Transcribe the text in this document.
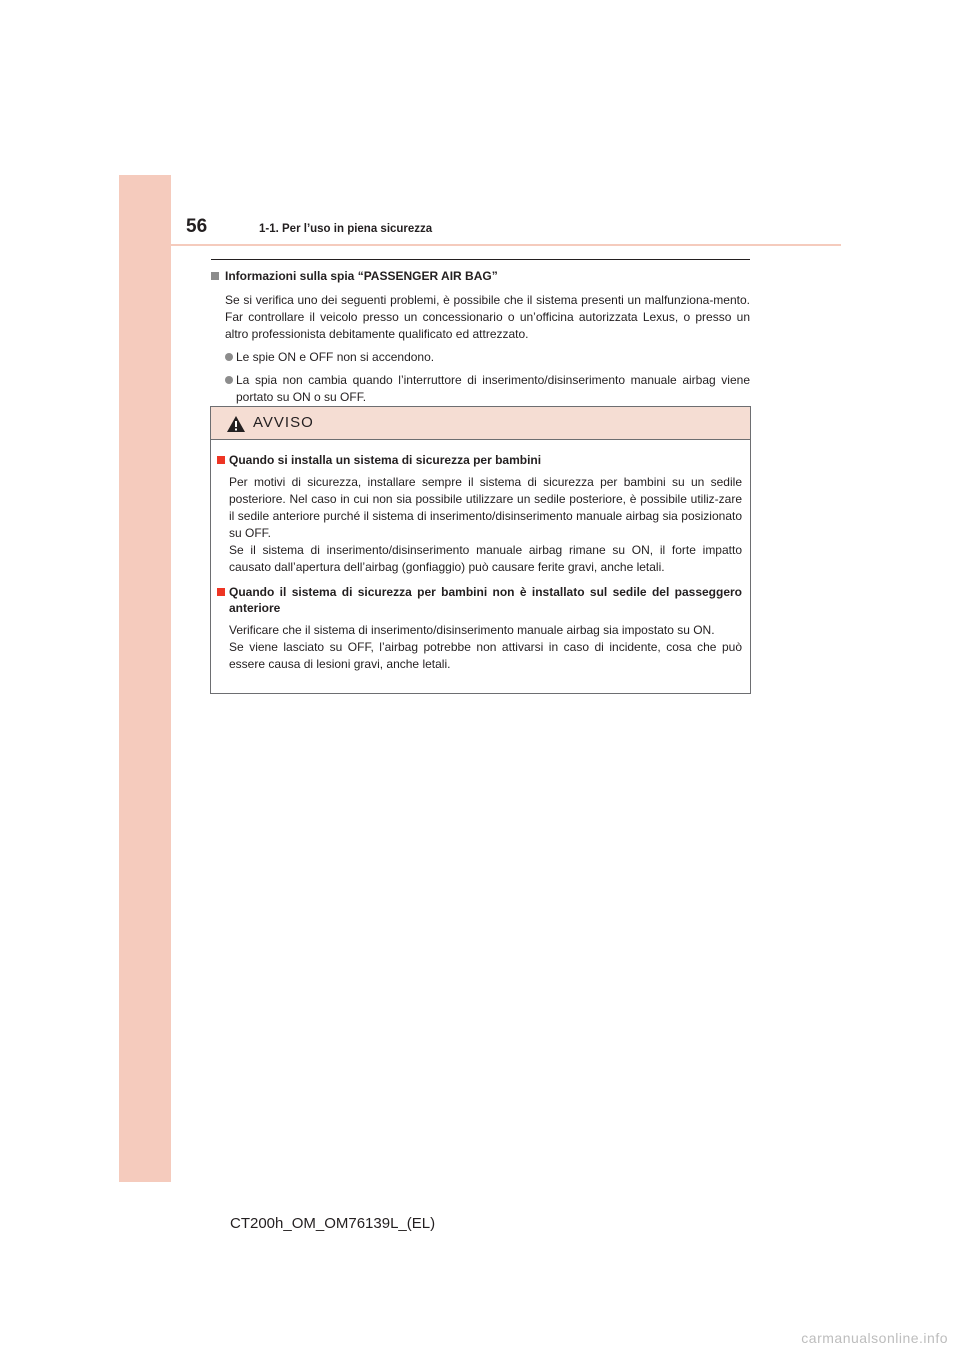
56	1-1. Per l’uso in piena sicurezza
Informazioni sulla spia “PASSENGER AIR BAG”
Se si verifica uno dei seguenti problemi, è possibile che il sistema presenti un malfunziona-mento. Far controllare il veicolo presso un concessionario o un’officina autorizzata Lexus, o presso un altro professionista debitamente qualificato ed attrezzato.
Le spie ON e OFF non si accendono.
La spia non cambia quando l’interruttore di inserimento/disinserimento manuale airbag viene portato su ON o su OFF.
AVVISO
Quando si installa un sistema di sicurezza per bambini
Per motivi di sicurezza, installare sempre il sistema di sicurezza per bambini su un sedile posteriore. Nel caso in cui non sia possibile utilizzare un sedile posteriore, è possibile utiliz-zare il sedile anteriore purché il sistema di inserimento/disinserimento manuale airbag sia posizionato su OFF.
Se il sistema di inserimento/disinserimento manuale airbag rimane su ON, il forte impatto causato dall’apertura dell’airbag (gonfiaggio) può causare ferite gravi, anche letali.
Quando il sistema di sicurezza per bambini non è installato sul sedile del passeggero anteriore
Verificare che il sistema di inserimento/disinserimento manuale airbag sia impostato su ON.
Se viene lasciato su OFF, l’airbag potrebbe non attivarsi in caso di incidente, cosa che può essere causa di lesioni gravi, anche letali.
CT200h_OM_OM76139L_(EL)
carmanualsonline.info
